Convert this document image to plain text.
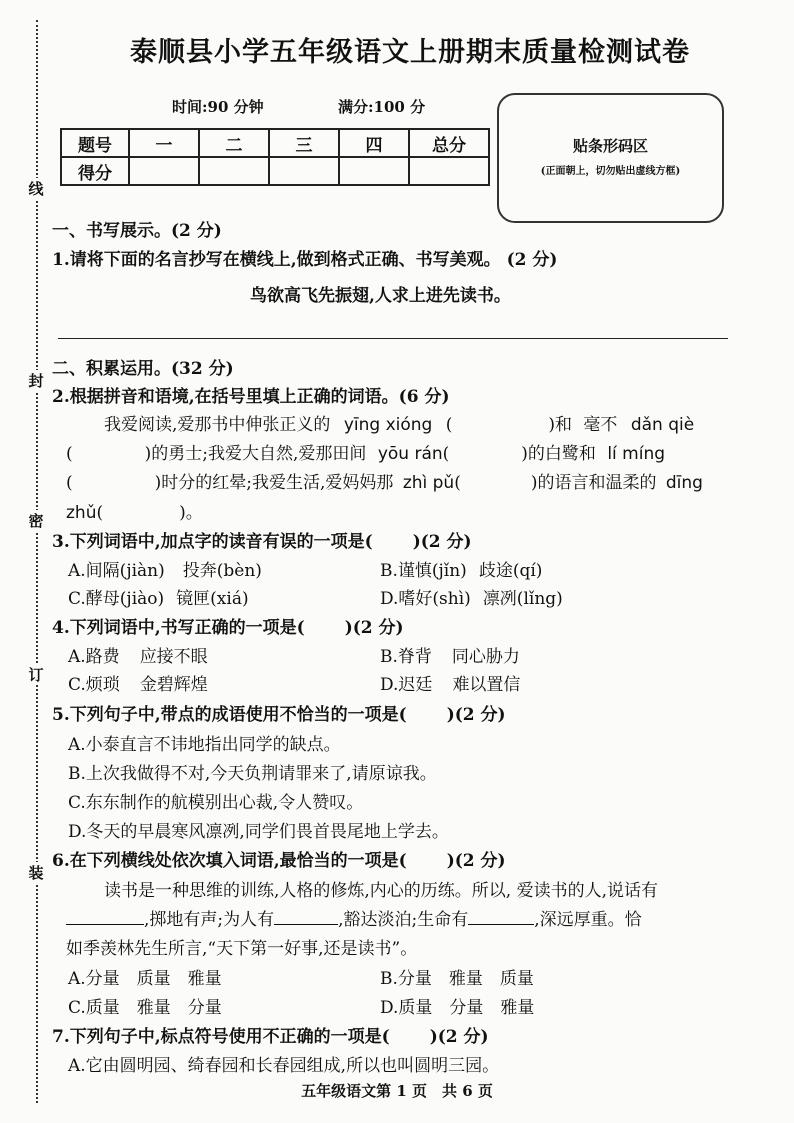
线
封
密
订
装
泰顺县小学五年级语文上册期末质量检测试卷
时间:90 分钟	满分:100 分
题号	一	二	三	四	总分
得分					
贴条形码区
(正面朝上，切勿贴出虚线方框)
一、书写展示。(2 分)
1.请将下面的名言抄写在横线上,做到格式正确、书写美观。 (2 分)
鸟欲高飞先振翅,人求上进先读书。
二、积累运用。(32 分)
2.根据拼音和语境,在括号里填上正确的词语。(6 分)
我爱阅读,爱那书中伸张正义的 yīng xióng (	)和 毫不 dǎn qiè
(	)的勇士;我爱大自然,爱那田间 yōu rán(	)的白鹭和 lí míng
(	)时分的红晕;我爱生活,爱妈妈那 zhì pǔ(	)的语言和温柔的 dīng
zhǔ(	)。
3.下列词语中,加点字的读音有误的一项是( )(2 分)
A.间隔(jiàn) 投奔(bèn)	B.谨慎(jǐn) 歧途(qí)
C.酵母(jiào) 镜匣(xiá)	D.嗜好(shì) 凛冽(lǐng)
4.下列词语中,书写正确的一项是( )(2 分)
A.路费 应接不眼	B.脊背 同心胁力
C.烦琐 金碧辉煌	D.迟廷 难以置信
5.下列句子中,带点的成语使用不恰当的一项是( )(2 分)
A.小泰直言不讳地指出同学的缺点。
B.上次我做得不对,今天负荆请罪来了,请原谅我。
C.东东制作的航模别出心裁,令人赞叹。
D.冬天的早晨寒风凛冽,同学们畏首畏尾地上学去。
6.在下列横线处依次填入词语,最恰当的一项是( )(2 分)
读书是一种思维的训练,人格的修炼,内心的历练。所以, 爱读书的人,说话有
,掷地有声;为人有	,豁达淡泊;生命有	,深远厚重。恰
如季羡林先生所言,“天下第一好事,还是读书”。
A.分量　质量　雅量	B.分量　雅量　质量
C.质量　雅量　分量	D.质量　分量　雅量
7.下列句子中,标点符号使用不正确的一项是( )(2 分)
A.它由圆明园、绮春园和长春园组成,所以也叫圆明三园。
五年级语文第 1 页　共 6 页
